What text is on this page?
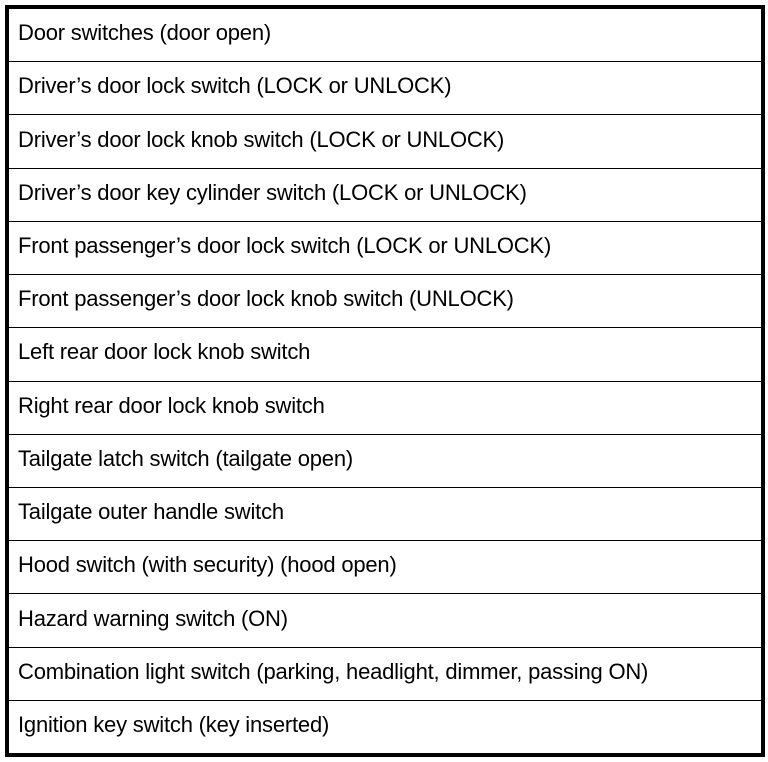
Door switches (door open)
Driver’s door lock switch (LOCK or UNLOCK)
Driver’s door lock knob switch (LOCK or UNLOCK)
Driver’s door key cylinder switch (LOCK or UNLOCK)
Front passenger’s door lock switch (LOCK or UNLOCK)
Front passenger’s door lock knob switch (UNLOCK)
Left rear door lock knob switch
Right rear door lock knob switch
Tailgate latch switch (tailgate open)
Tailgate outer handle switch
Hood switch (with security) (hood open)
Hazard warning switch (ON)
Combination light switch (parking, headlight, dimmer, passing ON)
Ignition key switch (key inserted)
